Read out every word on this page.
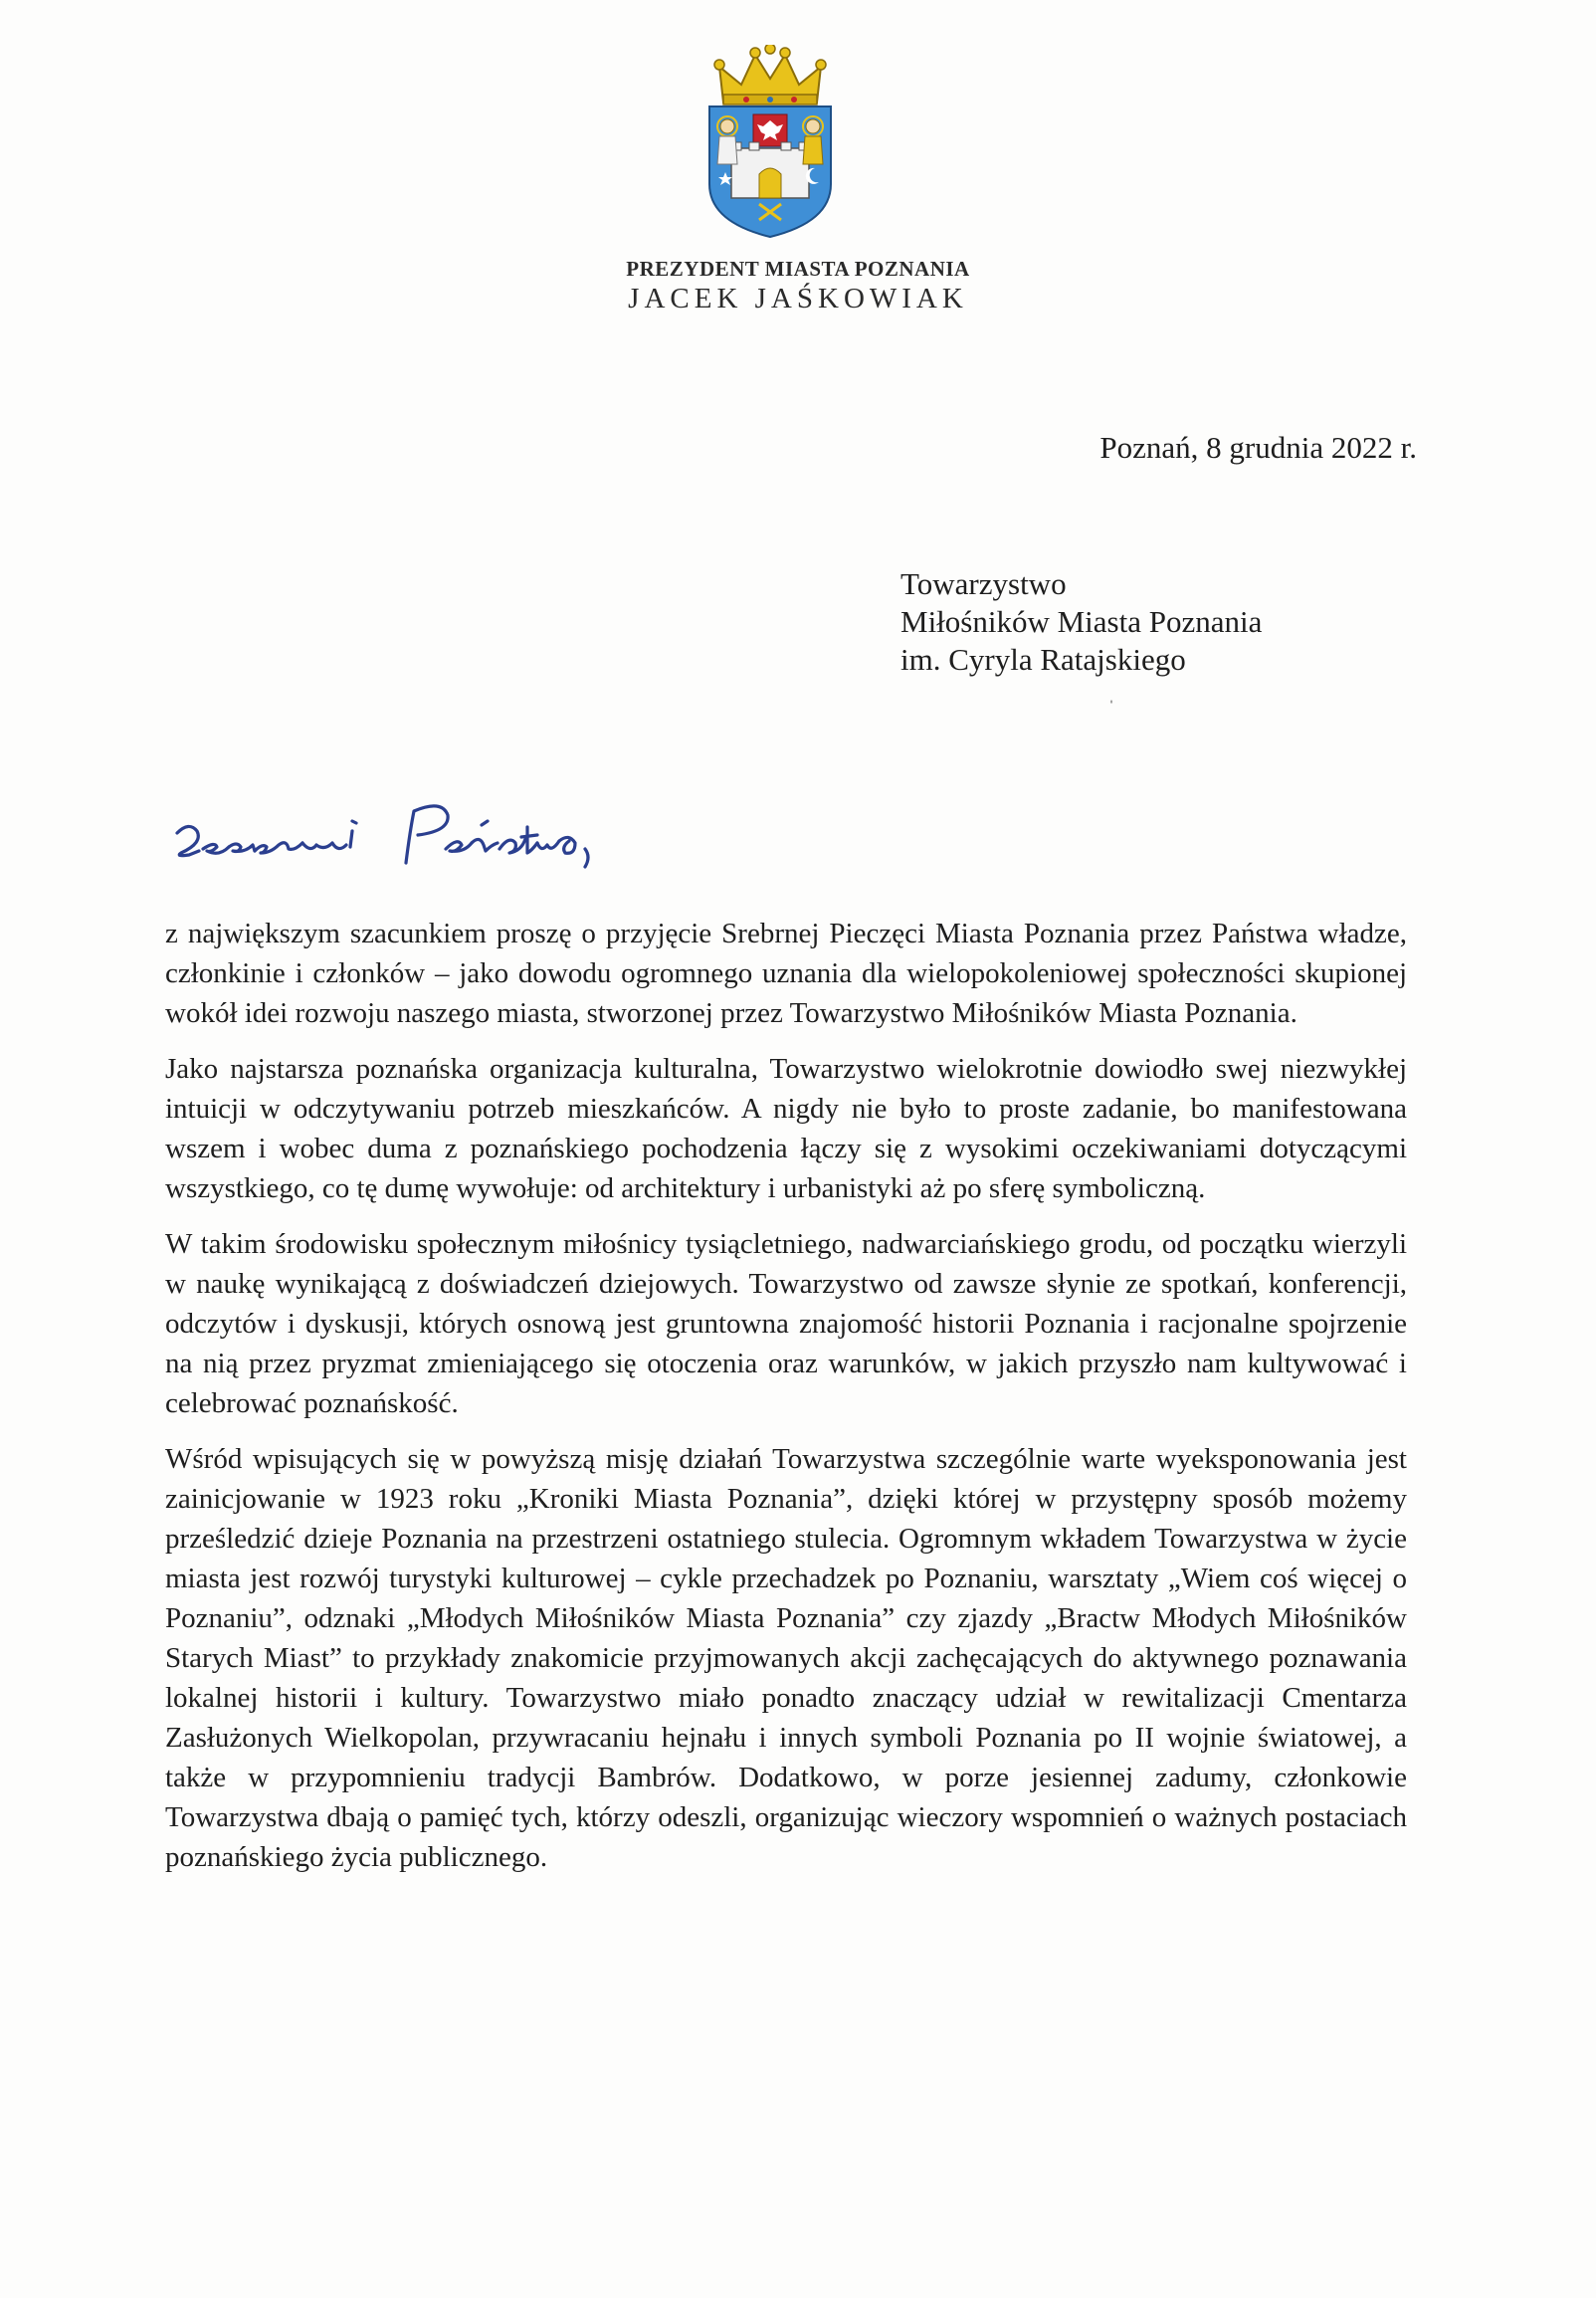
PREZYDENT MIASTA POZNANIA
JACEK JAŚKOWIAK
Poznań, 8 grudnia 2022 r.
Towarzystwo
Miłośników Miasta Poznania
im. Cyryla Ratajskiego
ˈ

z największym szacunkiem proszę o przyjęcie Srebrnej Pieczęci Miasta Poznania przez Państwa władze, członkinie i członków – jako dowodu ogromnego uznania dla wielopokoleniowej społeczności skupionej wokół idei rozwoju naszego miasta, stworzonej przez Towarzystwo Miłośników Miasta Poznania.

Jako najstarsza poznańska organizacja kulturalna, Towarzystwo wielokrotnie dowiodło swej niezwykłej intuicji w odczytywaniu potrzeb mieszkańców. A nigdy nie było to proste zadanie, bo manifestowana wszem i wobec duma z poznańskiego pochodzenia łączy się z wysokimi oczekiwaniami dotyczącymi wszystkiego, co tę dumę wywołuje: od architektury i urbanistyki aż po sferę symboliczną.

W takim środowisku społecznym miłośnicy tysiącletniego, nadwarciańskiego grodu, od początku wierzyli w naukę wynikającą z doświadczeń dziejowych. Towarzystwo od zawsze słynie ze spotkań, konferencji, odczytów i dyskusji, których osnową jest gruntowna znajomość historii Poznania i racjonalne spojrzenie na nią przez pryzmat zmieniającego się otoczenia oraz warunków, w jakich przyszło nam kultywować i celebrować poznańskość.

Wśród wpisujących się w powyższą misję działań Towarzystwa szczególnie warte wyeksponowania jest zainicjowanie w 1923 roku „Kroniki Miasta Poznania”, dzięki której w przystępny sposób możemy prześledzić dzieje Poznania na przestrzeni ostatniego stulecia. Ogromnym wkładem Towarzystwa w życie miasta jest rozwój turystyki kulturowej – cykle przechadzek po Poznaniu, warsztaty „Wiem coś więcej o Poznaniu”, odznaki „Młodych Miłośników Miasta Poznania” czy zjazdy „Bractw Młodych Miłośników Starych Miast” to przykłady znakomicie przyjmowanych akcji zachęcających do aktywnego poznawania lokalnej historii i kultury. Towarzystwo miało ponadto znaczący udział w rewitalizacji Cmentarza Zasłużonych Wielkopolan, przywracaniu hejnału i innych symboli Poznania po II wojnie światowej, a także w przypomnieniu tradycji Bambrów. Dodatkowo, w porze jesiennej zadumy, członkowie Towarzystwa dbają o pamięć tych, którzy odeszli, organizując wieczory wspomnień o ważnych postaciach poznańskiego życia publicznego.
